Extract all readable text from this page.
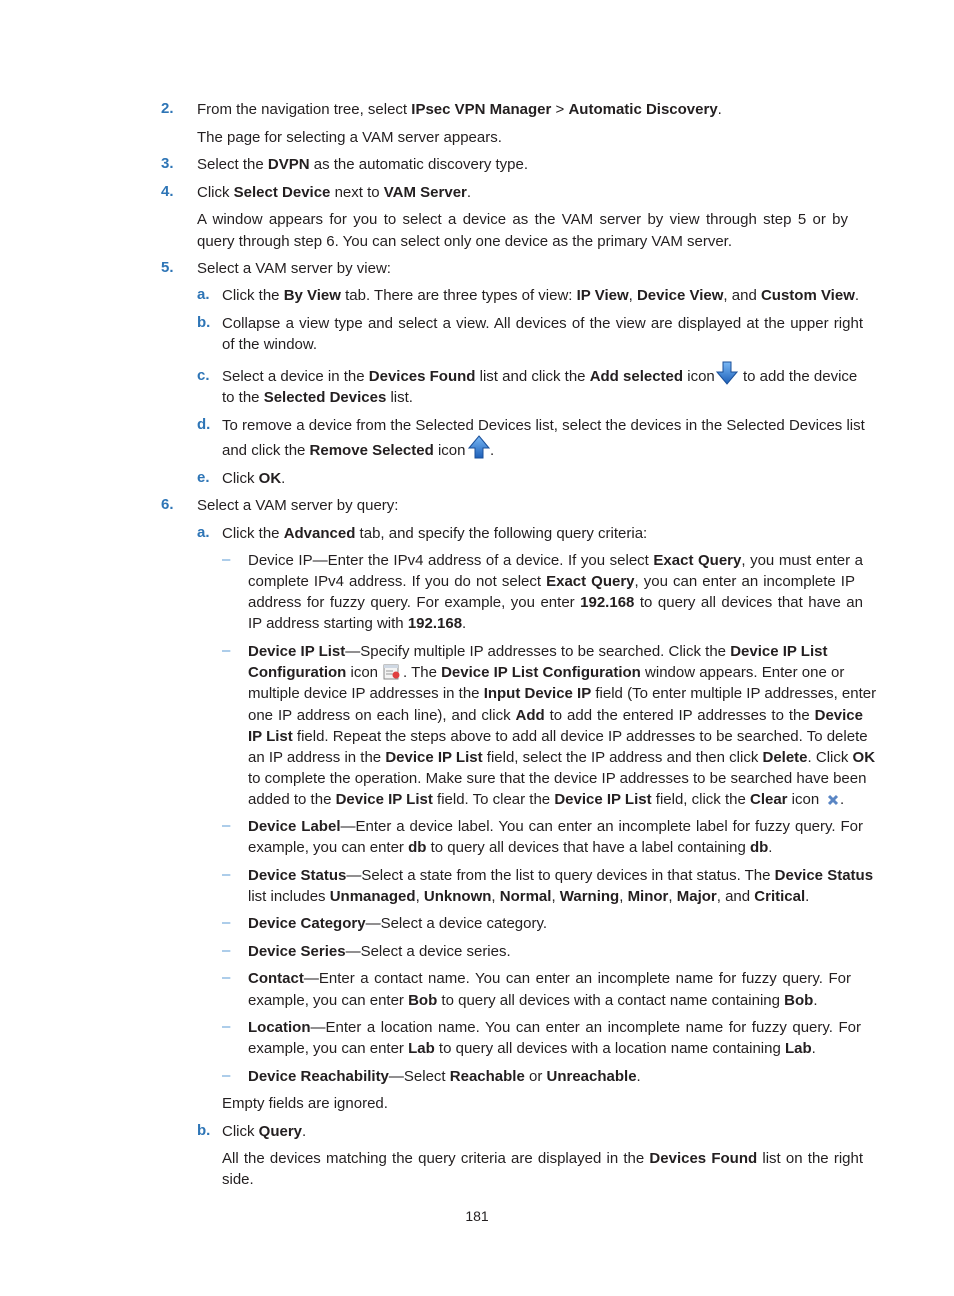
2. From the navigation tree, select IPsec VPN Manager > Automatic Discovery.
The page for selecting a VAM server appears.
3. Select the DVPN as the automatic discovery type.
4. Click Select Device next to VAM Server.
A window appears for you to select a device as the VAM server by view through step 5 or by
query through step 6. You can select only one device as the primary VAM server.
5. Select a VAM server by view:
a. Click the By View tab. There are three types of view: IP View, Device View, and Custom View.
b. Collapse a view type and select a view. All devices of the view are displayed at the upper right
of the window.
c. Select a device in the Devices Found list and click the Add selected icon to add the device
to the Selected Devices list.
d. To remove a device from the Selected Devices list, select the devices in the Selected Devices list
and click the Remove Selected icon .
e. Click OK.
6. Select a VAM server by query:
a. Click the Advanced tab, and specify the following query criteria:
– Device IP—Enter the IPv4 address of a device. If you select Exact Query, you must enter a
complete IPv4 address. If you do not select Exact Query, you can enter an incomplete IP
address for fuzzy query. For example, you enter 192.168 to query all devices that have an
IP address starting with 192.168.
– Device IP List—Specify multiple IP addresses to be searched. Click the Device IP List
Configuration icon . The Device IP List Configuration window appears. Enter one or
multiple device IP addresses in the Input Device IP field (To enter multiple IP addresses, enter
one IP address on each line), and click Add to add the entered IP addresses to the Device
IP List field. Repeat the steps above to add all device IP addresses to be searched. To delete
an IP address in the Device IP List field, select the IP address and then click Delete. Click OK
to complete the operation. Make sure that the device IP addresses to be searched have been
added to the Device IP List field. To clear the Device IP List field, click the Clear icon .
– Device Label—Enter a device label. You can enter an incomplete label for fuzzy query. For
example, you can enter db to query all devices that have a label containing db.
– Device Status—Select a state from the list to query devices in that status. The Device Status
list includes Unmanaged, Unknown, Normal, Warning, Minor, Major, and Critical.
– Device Category—Select a device category.
– Device Series—Select a device series.
– Contact—Enter a contact name. You can enter an incomplete name for fuzzy query. For
example, you can enter Bob to query all devices with a contact name containing Bob.
– Location—Enter a location name. You can enter an incomplete name for fuzzy query. For
example, you can enter Lab to query all devices with a location name containing Lab.
– Device Reachability—Select Reachable or Unreachable.
Empty fields are ignored.
b. Click Query.
All the devices matching the query criteria are displayed in the Devices Found list on the right
side.
181
